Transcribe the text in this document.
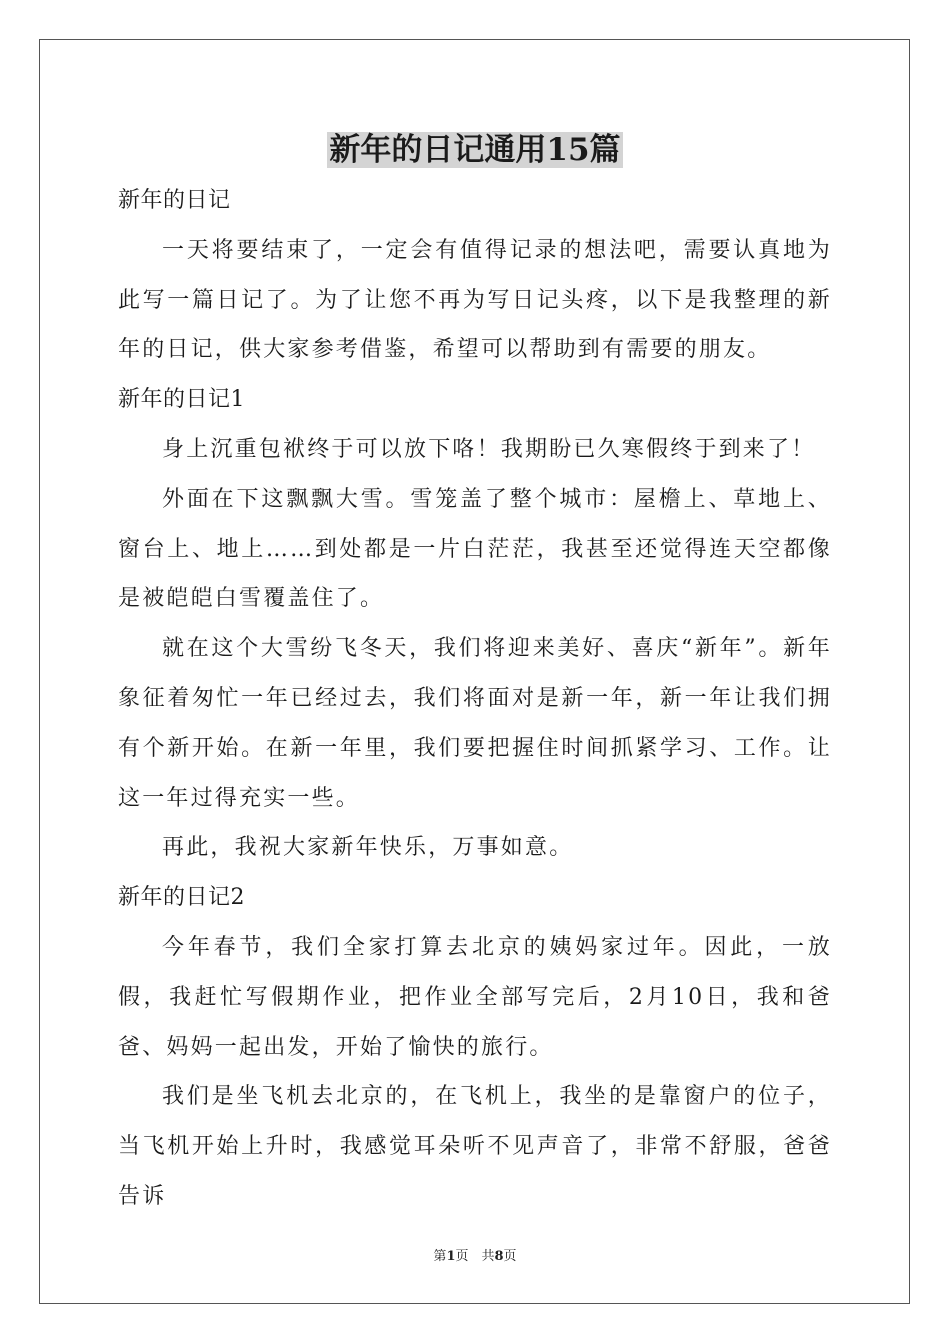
新年的日记通用15篇

新年的日记

一天将要结束了，一定会有值得记录的想法吧，需要认真地为此写一篇日记了。为了让您不再为写日记头疼，以下是我整理的新年的日记，供大家参考借鉴，希望可以帮助到有需要的朋友。

新年的日记1

身上沉重包袱终于可以放下咯！我期盼已久寒假终于到来了！

外面在下这飘飘大雪。雪笼盖了整个城市：屋檐上、草地上、窗台上、地上……到处都是一片白茫茫，我甚至还觉得连天空都像是被皑皑白雪覆盖住了。

就在这个大雪纷飞冬天，我们将迎来美好、喜庆“新年”。新年象征着匆忙一年已经过去，我们将面对是新一年，新一年让我们拥有个新开始。在新一年里，我们要把握住时间抓紧学习、工作。让这一年过得充实一些。

再此，我祝大家新年快乐，万事如意。

新年的日记2

今年春节，我们全家打算去北京的姨妈家过年。因此，一放假，我赶忙写假期作业，把作业全部写完后，2月10日，我和爸爸、妈妈一起出发，开始了愉快的旅行。

我们是坐飞机去北京的，在飞机上，我坐的是靠窗户的位子，当飞机开始上升时，我感觉耳朵听不见声音了，非常不舒服，爸爸告诉

第1页　共8页
